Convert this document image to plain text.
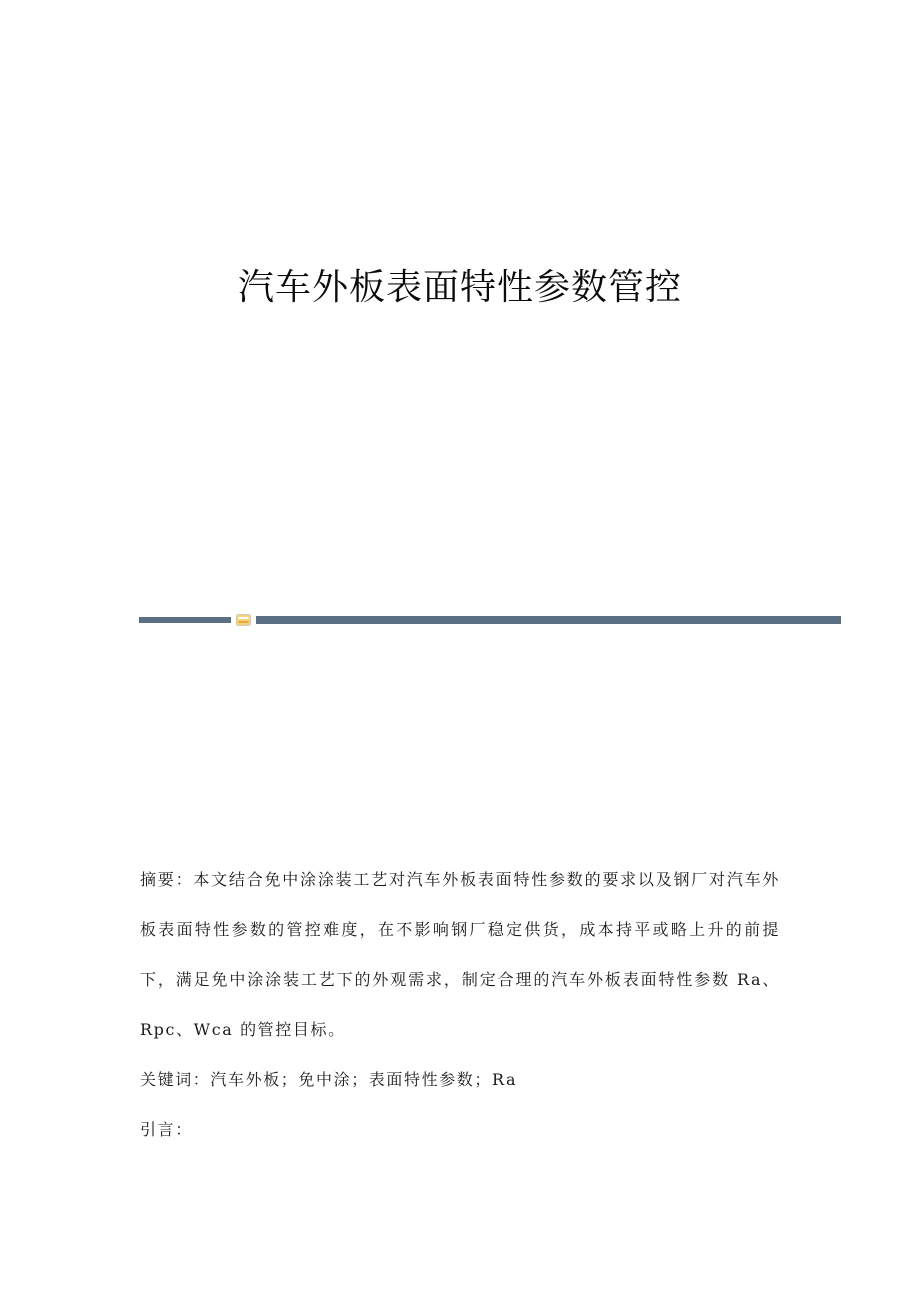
汽车外板表面特性参数管控

摘要：本文结合免中涂涂装工艺对汽车外板表面特性参数的要求以及钢厂对汽车外板表面特性参数的管控难度，在不影响钢厂稳定供货，成本持平或略上升的前提下，满足免中涂涂装工艺下的外观需求，制定合理的汽车外板表面特性参数 Ra、Rpc、Wca 的管控目标。

关键词：汽车外板；免中涂；表面特性参数；Ra

引言：
